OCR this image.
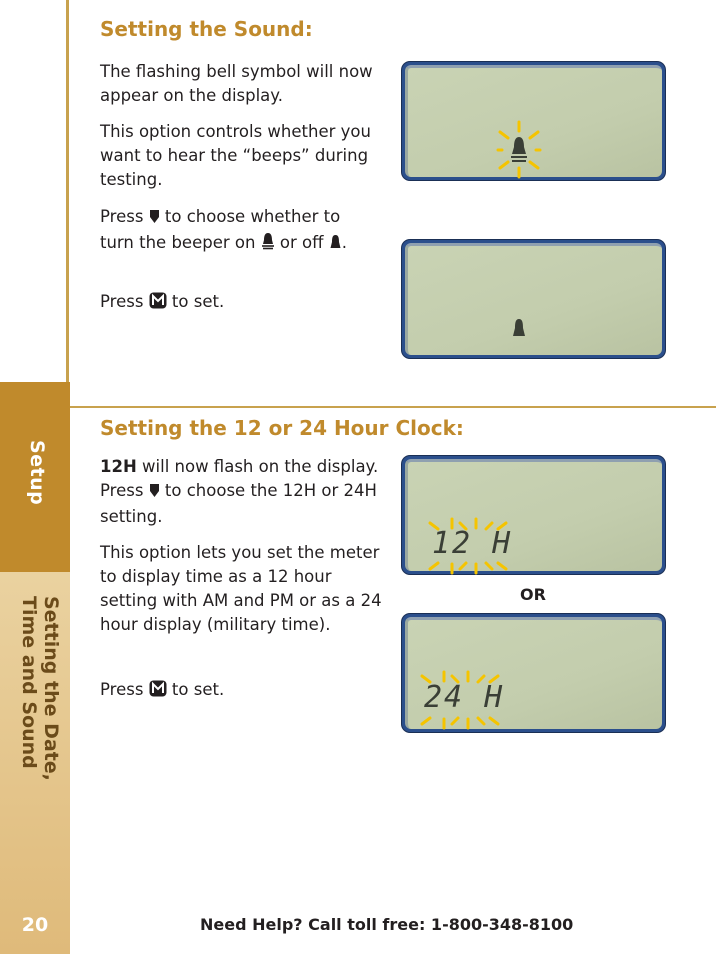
Setup
Setting the Date,
Time and Sound
20
Setting the Sound:
The flashing bell symbol will now appear on the display.
This option controls whether you want to hear the “beeps” during testing.
Press  to choose whether to turn the beeper on  or off .
Press  to set.
Setting the 12 or 24 Hour Clock:
12H will now flash on the display. Press  to choose the 12H or 24H setting.
This option lets you set the meter to display time as a 12 hour setting with AM and PM or as a 24 hour display (military time).
Press  to set.
12 H
OR
24 H
Need Help? Call toll free: 1-800-348-8100
